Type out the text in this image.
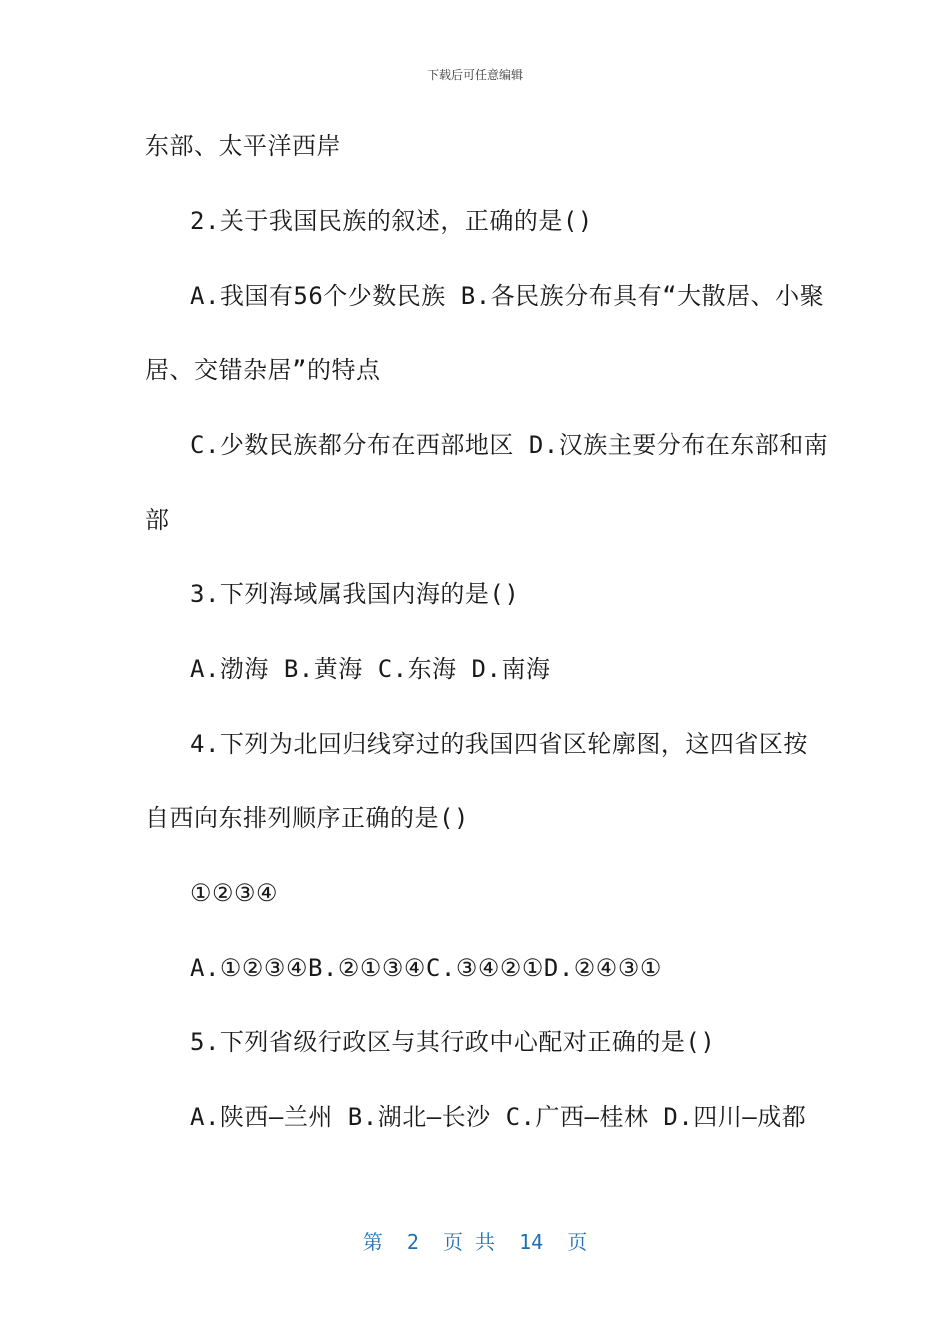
下载后可任意编辑
东部、太平洋西岸
2.关于我国民族的叙述，正确的是()
A.我国有56个少数民族 B.各民族分布具有“大散居、小聚
居、交错杂居”的特点
C.少数民族都分布在西部地区 D.汉族主要分布在东部和南
部
3.下列海域属我国内海的是()
A.渤海 B.黄海 C.东海 D.南海
4.下列为北回归线穿过的我国四省区轮廓图，这四省区按
自西向东排列顺序正确的是()
①②③④
A.①②③④B.②①③④C.③④②①D.②④③①
5.下列省级行政区与其行政中心配对正确的是()
A.陕西—兰州 B.湖北—长沙 C.广西—桂林 D.四川—成都
第  2  页 共  14  页
